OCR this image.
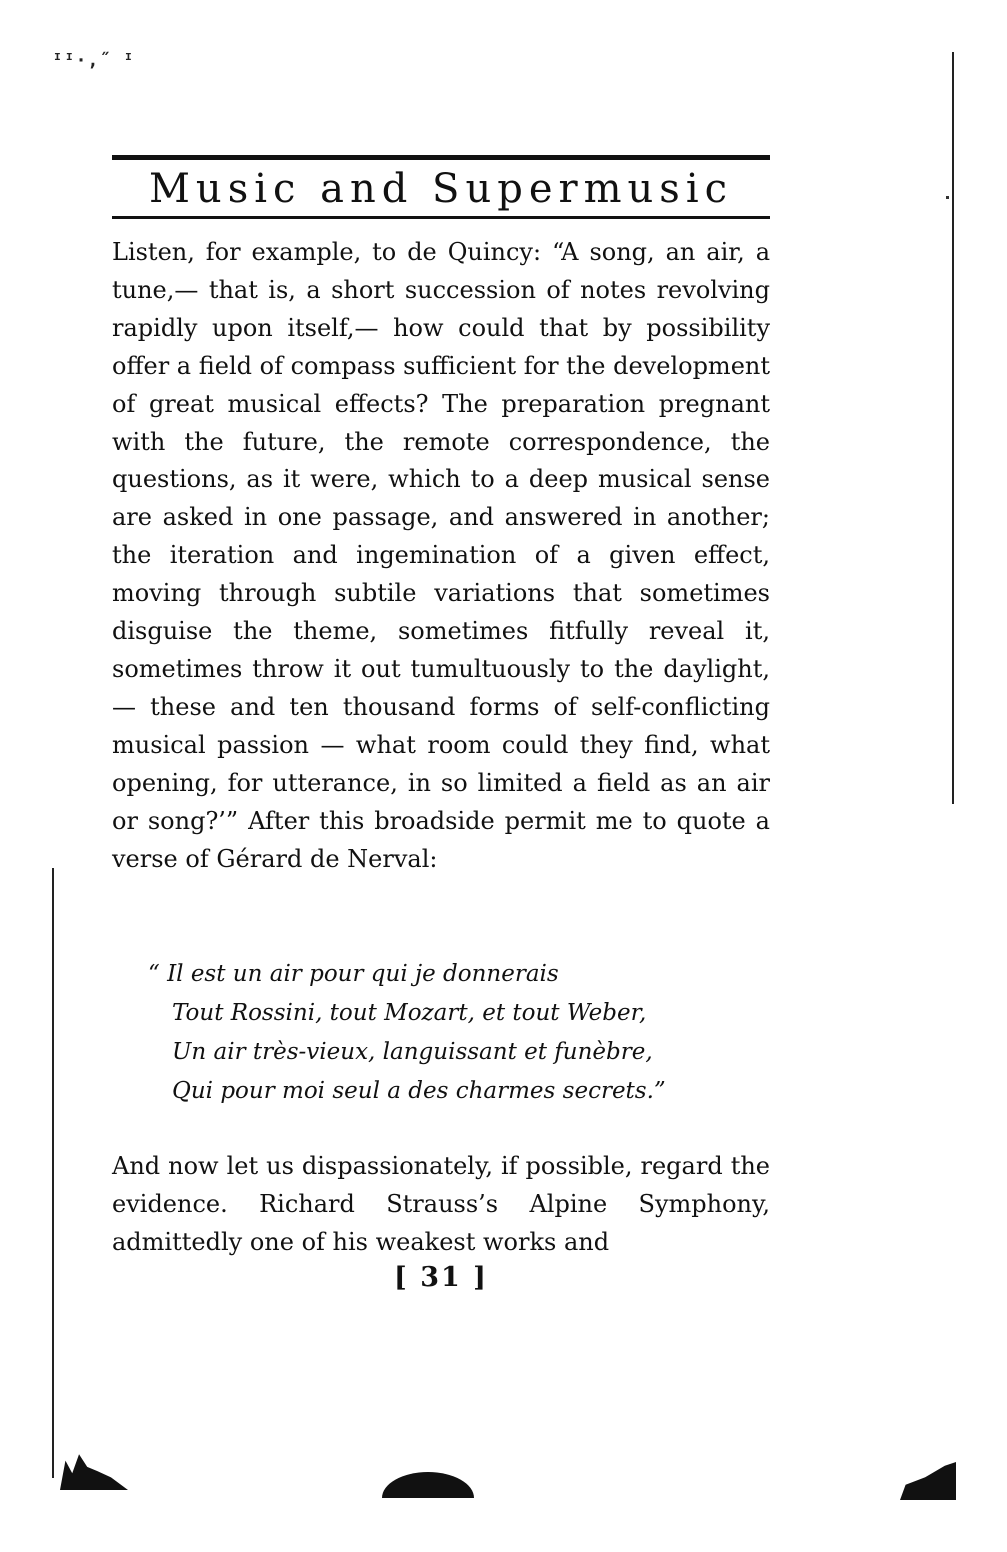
ᴵᴵ·,˝ ᴵ
Music and Supermusic

Listen, for example, to de Quincy: “A song, an air, a tune,— that is, a short succession of notes revolving rapidly upon itself,— how could that by possibility offer a field of compass sufficient for the development of great musical effects? The preparation pregnant with the future, the remote correspondence, the questions, as it were, which to a deep musical sense are asked in one passage, and answered in another; the iteration and ingemination of a given effect, moving through subtile variations that sometimes disguise the theme, sometimes fitfully reveal it, sometimes throw it out tumultuously to the daylight,— these and ten thousand forms of self-conflicting musical passion — what room could they find, what opening, for utterance, in so limited a field as an air or song?’” After this broadside permit me to quote a verse of Gérard de Nerval:

“ Il est un air pour qui je donnerais
Tout Rossini, tout Mozart, et tout Weber,
Un air très-vieux, languissant et funèbre,
Qui pour moi seul a des charmes secrets.”

And now let us dispassionately, if possible, regard the evidence. Richard Strauss’s Alpine Symphony, admittedly one of his weakest works and

[ 31 ]
